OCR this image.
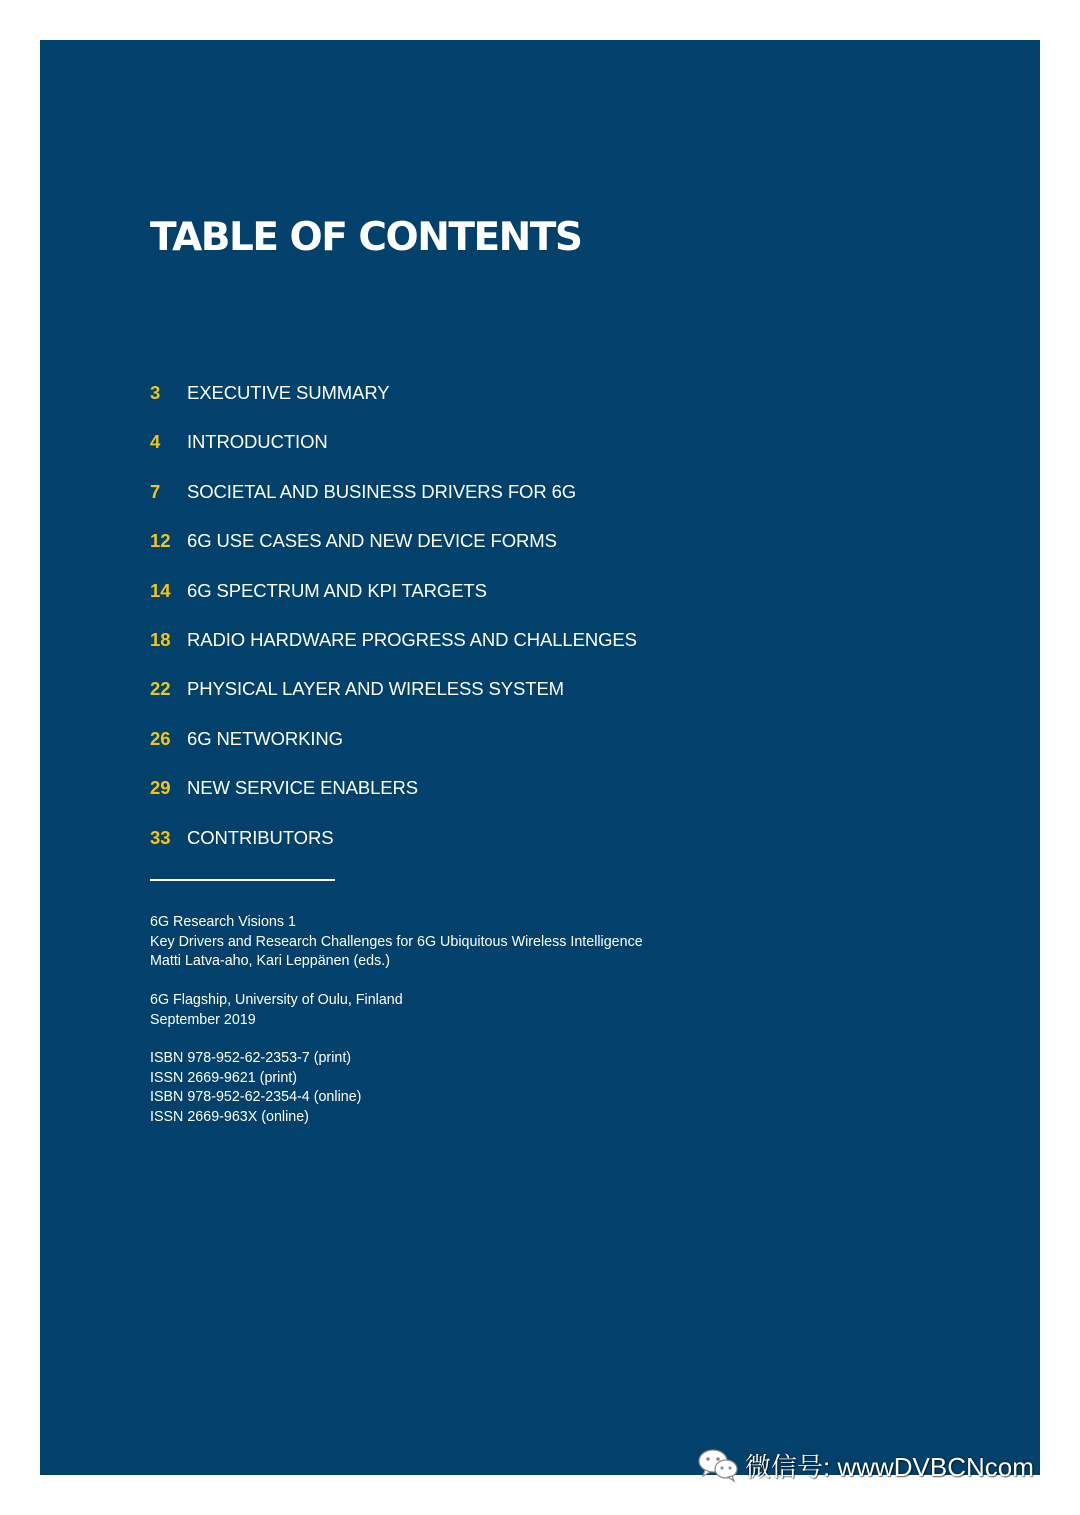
TABLE OF CONTENTS
3	EXECUTIVE SUMMARY
4	INTRODUCTION
7	SOCIETAL AND BUSINESS DRIVERS FOR 6G
12 6G USE CASES AND NEW DEVICE FORMS
14 6G SPECTRUM AND KPI TARGETS
18 RADIO HARDWARE PROGRESS AND CHALLENGES
22 PHYSICAL LAYER AND WIRELESS SYSTEM
26 6G NETWORKING
29 NEW SERVICE ENABLERS
33 CONTRIBUTORS
6G Research Visions 1
Key Drivers and Research Challenges for 6G Ubiquitous Wireless Intelligence
Matti Latva-aho, Kari Leppänen (eds.)
6G Flagship, University of Oulu, Finland
September 2019
ISBN 978-952-62-2353-7 (print)
ISSN 2669-9621 (print)
ISBN 978-952-62-2354-4 (online)
ISSN 2669-963X (online)
微信号: wwwDVBCNcom
